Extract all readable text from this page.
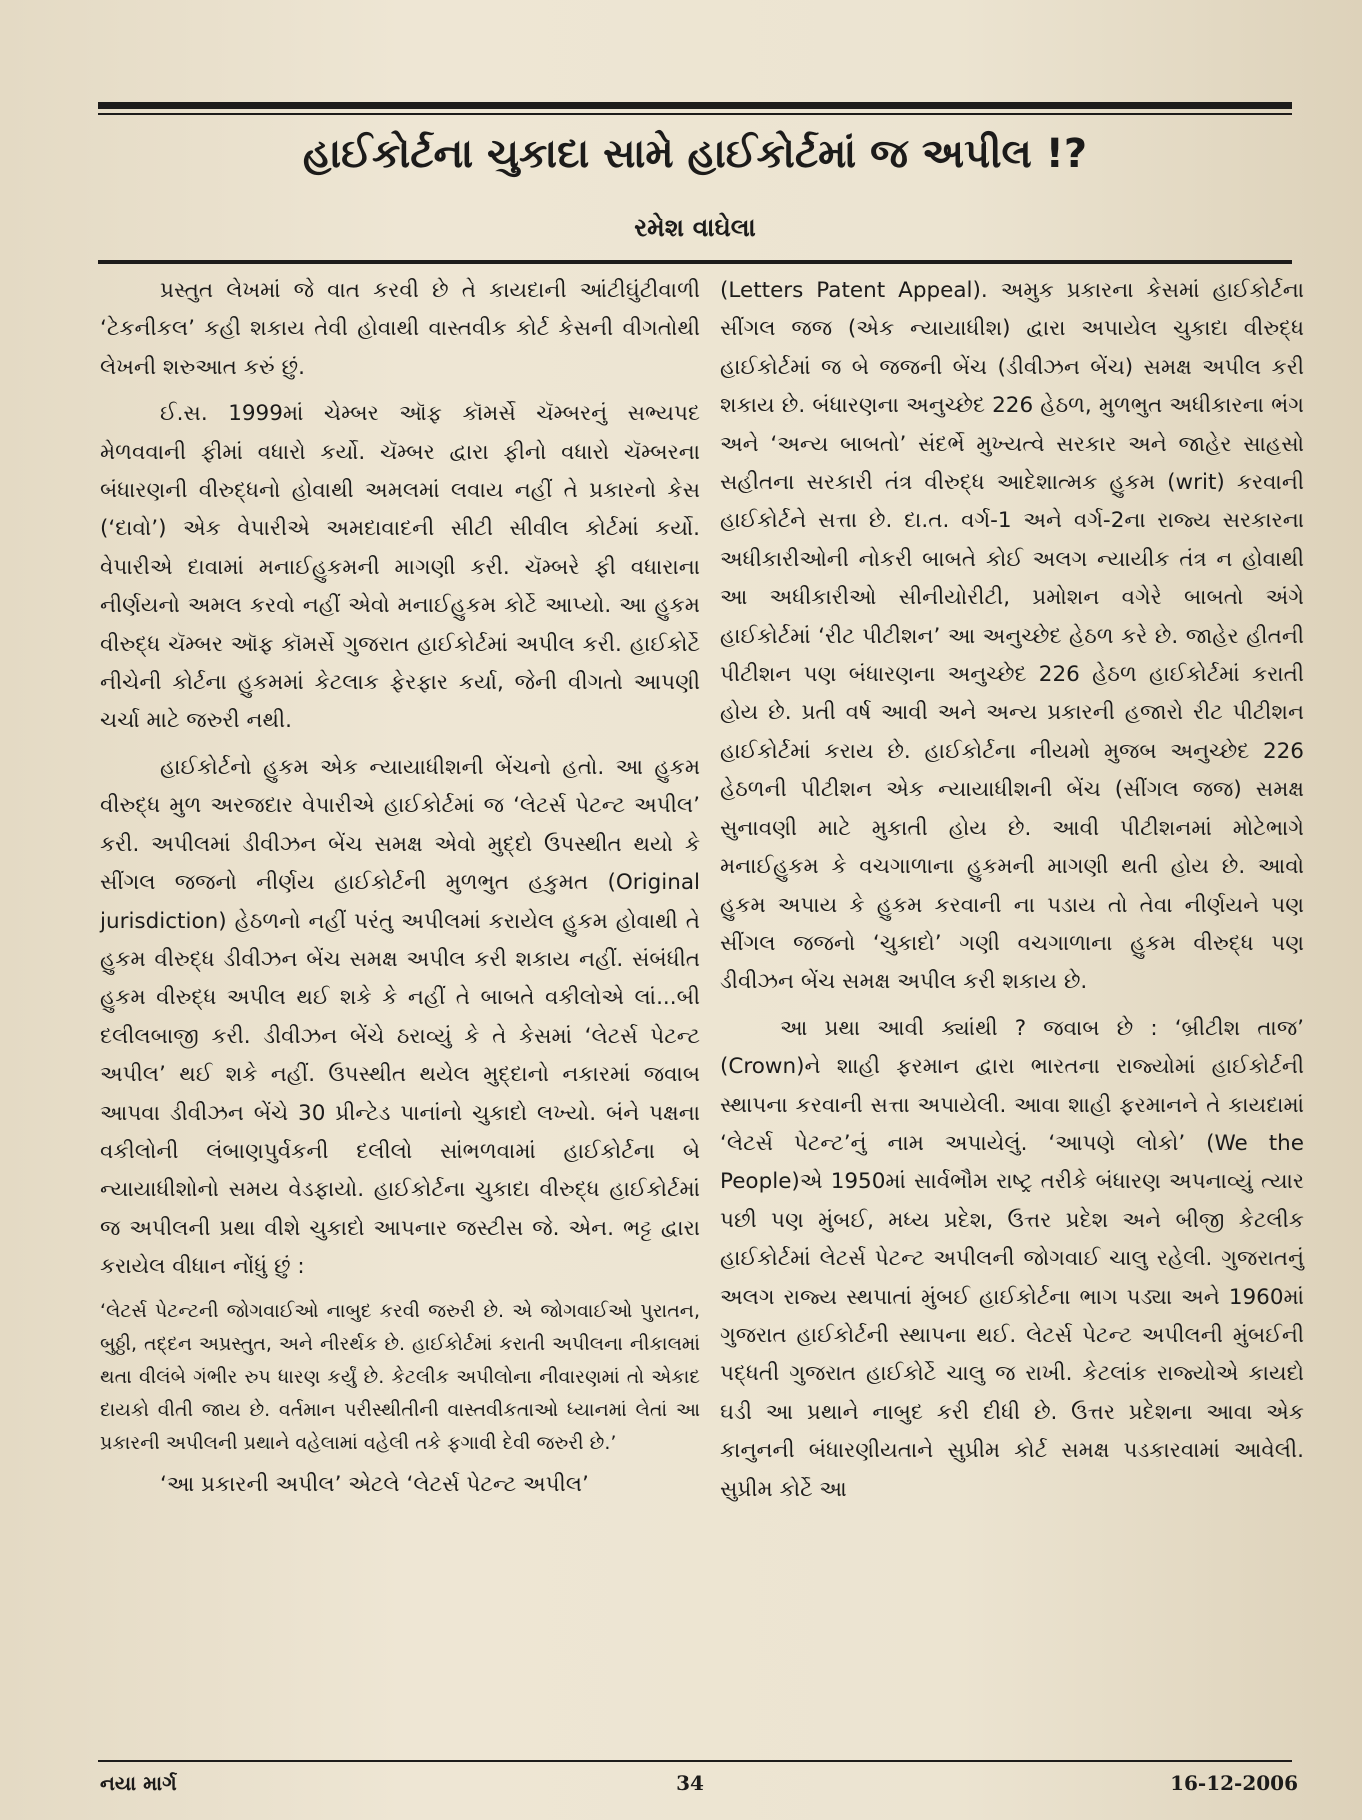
હાઈકોર્ટના ચુકાદા સામે હાઈકોર્ટમાં જ અપીલ !?
રમેશ વાઘેલા

પ્રસ્તુત લેખમાં જે વાત કરવી છે તે કાયદાની આંટીઘુંટીવાળી ‘ટેકનીકલ’ કહી શકાય તેવી હોવાથી વાસ્તવીક કોર્ટ કેસની વીગતોથી લેખની શરુઆત કરું છું.

ઈ.સ. 1999માં ચેમ્બર ઑફ કૉમર્સે ચૅમ્બરનું સભ્યપદ મેળવવાની ફીમાં વધારો કર્યો. ચૅમ્બર દ્વારા ફીનો વધારો ચૅમ્બરના બંધારણની વીરુદ્ધનો હોવાથી અમલમાં લવાય નહીં તે પ્રકારનો કેસ (‘દાવો’) એક વેપારીએ અમદાવાદની સીટી સીવીલ કોર્ટમાં કર્યો. વેપારીએ દાવામાં મનાઈહુકમની માગણી કરી. ચૅમ્બરે ફી વધારાના નીર્ણયનો અમલ કરવો નહીં એવો મનાઈહુકમ કોર્ટે આપ્યો. આ હુકમ વીરુદ્ધ ચૅમ્બર ઑફ કૉમર્સે ગુજરાત હાઈકોર્ટમાં અપીલ કરી. હાઈકોર્ટે નીચેની કોર્ટના હુકમમાં કેટલાક ફેરફાર કર્યા, જેની વીગતો આપણી ચર્ચા માટે જરુરી નથી.

હાઈકોર્ટનો હુકમ એક ન્યાયાધીશની બેંચનો હતો. આ હુકમ વીરુદ્ધ મુળ અરજદાર વેપારીએ હાઈકોર્ટમાં જ ‘લેટર્સ પેટન્ટ અપીલ’ કરી. અપીલમાં ડીવીઝન બેંચ સમક્ષ એવો મુદ્દો ઉપસ્થીત થયો કે સીંગલ જજનો નીર્ણય હાઈકોર્ટની મુળભુત હકુમત (Original jurisdiction) હેઠળનો નહીં પરંતુ અપીલમાં કરાયેલ હુકમ હોવાથી તે હુકમ વીરુદ્ધ ડીવીઝન બેંચ સમક્ષ અપીલ કરી શકાય નહીં. સંબંધીત હુકમ વીરુદ્ધ અપીલ થઈ શકે કે નહીં તે બાબતે વકીલોએ લાં...બી દલીલબાજી કરી. ડીવીઝન બેંચે ઠરાવ્યું કે તે કેસમાં ‘લેટર્સ પેટન્ટ અપીલ’ થઈ શકે નહીં. ઉપસ્થીત થયેલ મુદ્દાનો નકારમાં જવાબ આપવા ડીવીઝન બેંચે 30 પ્રીન્ટેડ પાનાંનો ચુકાદો લખ્યો. બંને પક્ષના વકીલોની લંબાણપુર્વકની દલીલો સાંભળવામાં હાઈકોર્ટના બે ન્યાયાધીશોનો સમય વેડફાયો. હાઈકોર્ટના ચુકાદા વીરુદ્ધ હાઈકોર્ટમાં જ અપીલની પ્રથા વીશે ચુકાદો આપનાર જસ્ટીસ જે. એન. ભટ્ટ દ્વારા કરાયેલ વીધાન નોંધું છું :

‘લેટર્સ પેટન્ટની જોગવાઈઓ નાબુદ કરવી જરુરી છે. એ જોગવાઈઓ પુરાતન, બુઠ્ઠી, તદ્દન અપ્રસ્તુત, અને નીરર્થક છે. હાઈકોર્ટમાં કરાતી અપીલના નીકાલમાં થતા વીલંબે ગંભીર રુપ ધારણ કર્યું છે. કેટલીક અપીલોના નીવારણમાં તો એકાદ દાયકો વીતી જાય છે. વર્તમાન પરીસ્થીતીની વાસ્તવીકતાઓ ધ્યાનમાં લેતાં આ પ્રકારની અપીલની પ્રથાને વહેલામાં વહેલી તકે ફગાવી દેવી જરુરી છે.’

‘આ પ્રકારની અપીલ’ એટલે ‘લેટર્સ પેટન્ટ અપીલ’

(Letters Patent Appeal). અમુક પ્રકારના કેસમાં હાઈકોર્ટના સીંગલ જજ (એક ન્યાયાધીશ) દ્વારા અપાયેલ ચુકાદા વીરુદ્ધ હાઈકોર્ટમાં જ બે જજની બેંચ (ડીવીઝન બેંચ) સમક્ષ અપીલ કરી શકાય છે. બંધારણના અનુચ્છેદ 226 હેઠળ, મુળભુત અધીકારના ભંગ અને ‘અન્ય બાબતો’ સંદર્ભે મુખ્યત્વે સરકાર અને જાહેર સાહસો સહીતના સરકારી તંત્ર વીરુદ્ધ આદેશાત્મક હુકમ (writ) કરવાની હાઈકોર્ટને સત્તા છે. દા.ત. વર્ગ-1 અને વર્ગ-2ના રાજ્ય સરકારના અધીકારીઓની નોકરી બાબતે કોઈ અલગ ન્યાયીક તંત્ર ન હોવાથી આ અધીકારીઓ સીનીયોરીટી, પ્રમોશન વગેરે બાબતો અંગે હાઈકોર્ટમાં ‘રીટ પીટીશન’ આ અનુચ્છેદ હેઠળ કરે છે. જાહેર હીતની પીટીશન પણ બંધારણના અનુચ્છેદ 226 હેઠળ હાઈકોર્ટમાં કરાતી હોય છે. પ્રતી વર્ષ આવી અને અન્ય પ્રકારની હજારો રીટ પીટીશન હાઈકોર્ટમાં કરાય છે. હાઈકોર્ટના નીયમો મુજબ અનુચ્છેદ 226 હેઠળની પીટીશન એક ન્યાયાધીશની બેંચ (સીંગલ જજ) સમક્ષ સુનાવણી માટે મુકાતી હોય છે. આવી પીટીશનમાં મોટેભાગે મનાઈહુકમ કે વચગાળાના હુકમની માગણી થતી હોય છે. આવો હુકમ અપાય કે હુકમ કરવાની ના પડાય તો તેવા નીર્ણયને પણ સીંગલ જજનો ‘ચુકાદો’ ગણી વચગાળાના હુકમ વીરુદ્ધ પણ ડીવીઝન બેંચ સમક્ષ અપીલ કરી શકાય છે.

આ પ્રથા આવી ક્યાંથી ? જવાબ છે : ‘બ્રીટીશ તાજ’ (Crown)ને શાહી ફરમાન દ્વારા ભારતના રાજ્યોમાં હાઈકોર્ટની સ્થાપના કરવાની સત્તા અપાયેલી. આવા શાહી ફરમાનને તે કાયદામાં ‘લેટર્સ પેટન્ટ’નું નામ અપાયેલું. ‘આપણે લોકો’ (We the People)એ 1950માં સાર્વભૌમ રાષ્ટ્ર તરીકે બંધારણ અપનાવ્યું ત્યાર પછી પણ મુંબઈ, મધ્ય પ્રદેશ, ઉત્તર પ્રદેશ અને બીજી કેટલીક હાઈકોર્ટમાં લેટર્સ પેટન્ટ અપીલની જોગવાઈ ચાલુ રહેલી. ગુજરાતનું અલગ રાજ્ય સ્થપાતાં મુંબઈ હાઈકોર્ટના ભાગ પડ્યા અને 1960માં ગુજરાત હાઈકોર્ટની સ્થાપના થઈ. લેટર્સ પેટન્ટ અપીલની મુંબઈની પદ્ધતી ગુજરાત હાઈકોર્ટે ચાલુ જ રાખી. કેટલાંક રાજ્યોએ કાયદો ઘડી આ પ્રથાને નાબુદ કરી દીધી છે. ઉત્તર પ્રદેશના આવા એક કાનુનની બંધારણીયતાને સુપ્રીમ કોર્ટ સમક્ષ પડકારવામાં આવેલી. સુપ્રીમ કોર્ટે આ

નયા માર્ગ	34	16-12-2006
